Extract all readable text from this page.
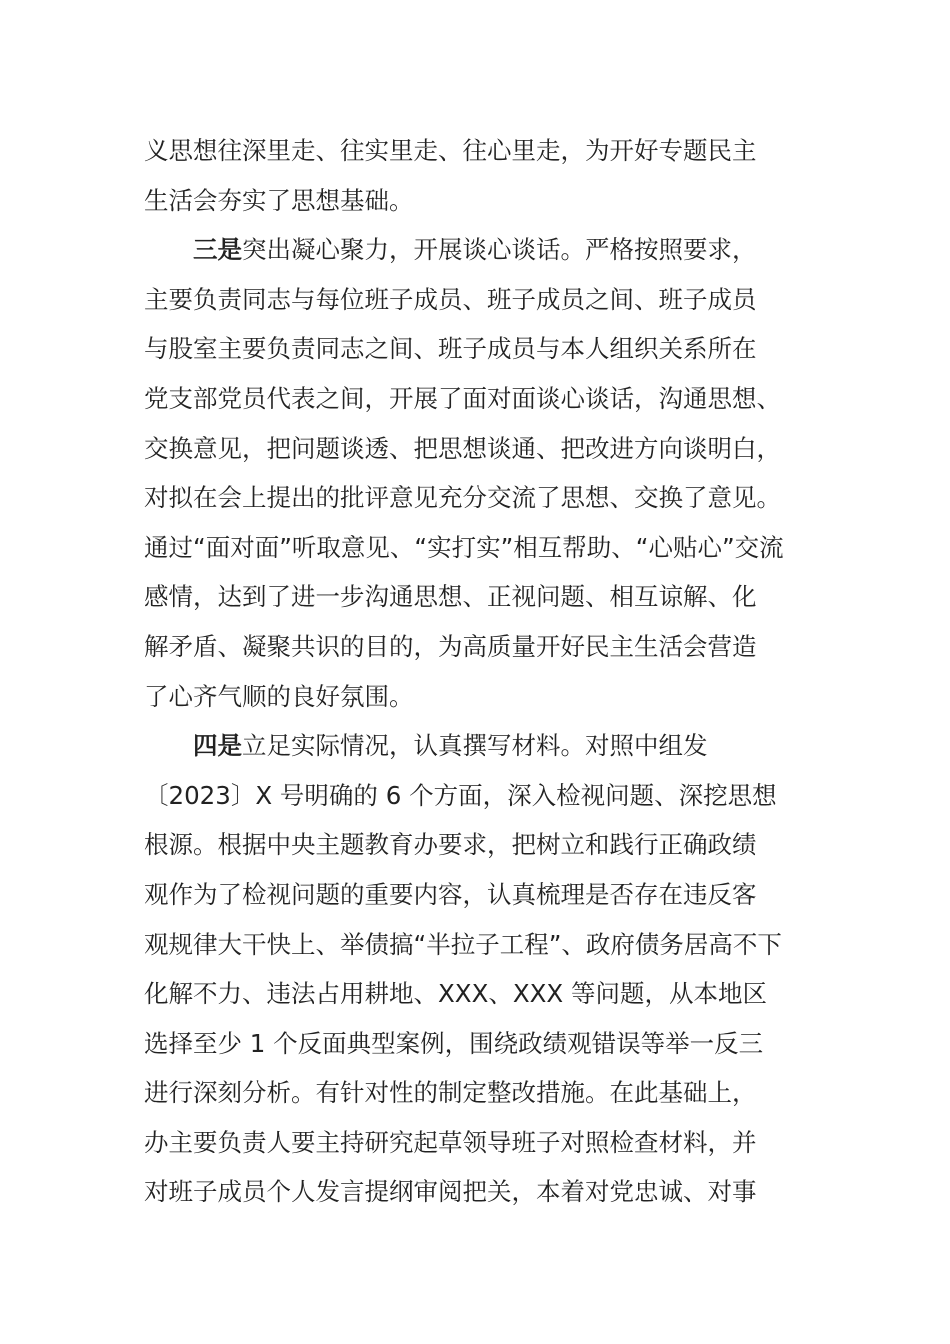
义思想往深里走、往实里走、往心里走，为开好专题民主
生活会夯实了思想基础。
三是突出凝心聚力，开展谈心谈话。严格按照要求，
主要负责同志与每位班子成员、班子成员之间、班子成员
与股室主要负责同志之间、班子成员与本人组织关系所在
党支部党员代表之间，开展了面对面谈心谈话，沟通思想、
交换意见，把问题谈透、把思想谈通、把改进方向谈明白，
对拟在会上提出的批评意见充分交流了思想、交换了意见。
通过“面对面”听取意见、“实打实”相互帮助、“心贴心”交流
感情，达到了进一步沟通思想、正视问题、相互谅解、化
解矛盾、凝聚共识的目的，为高质量开好民主生活会营造
了心齐气顺的良好氛围。
四是立足实际情况，认真撰写材料。对照中组发
〔2023〕X 号明确的 6 个方面，深入检视问题、深挖思想
根源。根据中央主题教育办要求，把树立和践行正确政绩
观作为了检视问题的重要内容，认真梳理是否存在违反客
观规律大干快上、举债搞“半拉子工程”、政府债务居高不下
化解不力、违法占用耕地、XXX、XXX 等问题，从本地区
选择至少 1 个反面典型案例，围绕政绩观错误等举一反三
进行深刻分析。有针对性的制定整改措施。在此基础上，
办主要负责人要主持研究起草领导班子对照检查材料，并
对班子成员个人发言提纲审阅把关，本着对党忠诚、对事
